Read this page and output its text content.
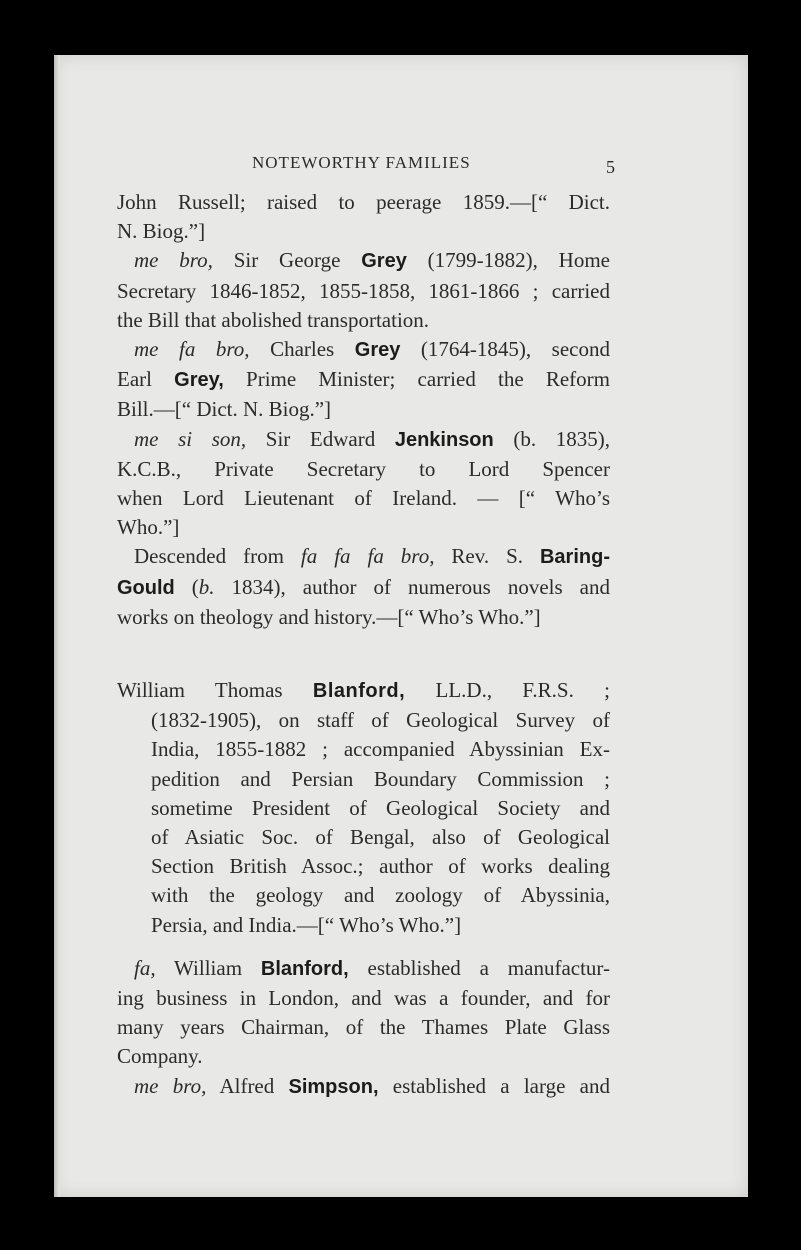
NOTEWORTHY FAMILIES	5
John Russell; raised to peerage 1859.—[“ Dict.
N. Biog.”]
me bro, Sir George Grey (1799-1882), Home
Secretary 1846-1852, 1855-1858, 1861-1866 ; carried
the Bill that abolished transportation.
me fa bro, Charles Grey (1764-1845), second
Earl Grey, Prime Minister; carried the Reform
Bill.—[“ Dict. N. Biog.”]
me si son, Sir Edward Jenkinson (b. 1835),
K.C.B., Private Secretary to Lord Spencer
when Lord Lieutenant of Ireland. — [“ Who’s
Who.”]
Descended from fa fa fa bro, Rev. S. Baring-
Gould (b. 1834), author of numerous novels and
works on theology and history.—[“ Who’s Who.”]
William Thomas Blanford, LL.D., F.R.S. ;
(1832-1905), on staff of Geological Survey of
India, 1855-1882 ; accompanied Abyssinian Ex-
pedition and Persian Boundary Commission ;
sometime President of Geological Society and
of Asiatic Soc. of Bengal, also of Geological
Section British Assoc.; author of works dealing
with the geology and zoology of Abyssinia,
Persia, and India.—[“ Who’s Who.”]
fa, William Blanford, established a manufactur-
ing business in London, and was a founder, and for
many years Chairman, of the Thames Plate Glass
Company.
me bro, Alfred Simpson, established a large and
